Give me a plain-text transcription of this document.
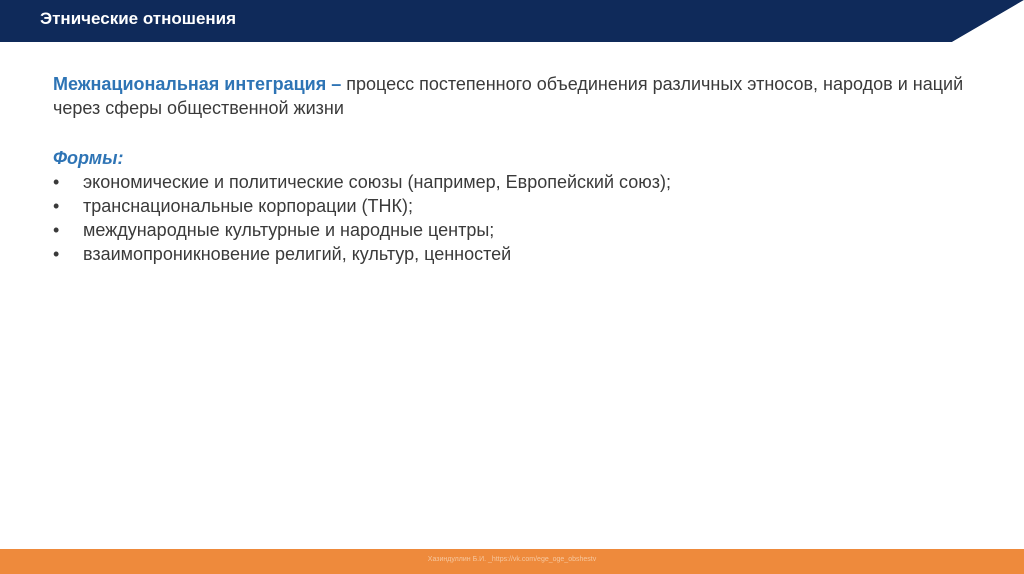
Этнические отношения

Межнациональная интеграция – процесс постепенного объединения различных этносов, народов и наций через сферы общественной жизни

Формы:
• экономические и политические союзы (например, Европейский союз);
• транснациональные корпорации (ТНК);
• международные культурные и народные центры;
• взаимопроникновение религий, культур, ценностей
Хазиндуллин Б.И. _https://vk.com/ege_oge_obshestv
